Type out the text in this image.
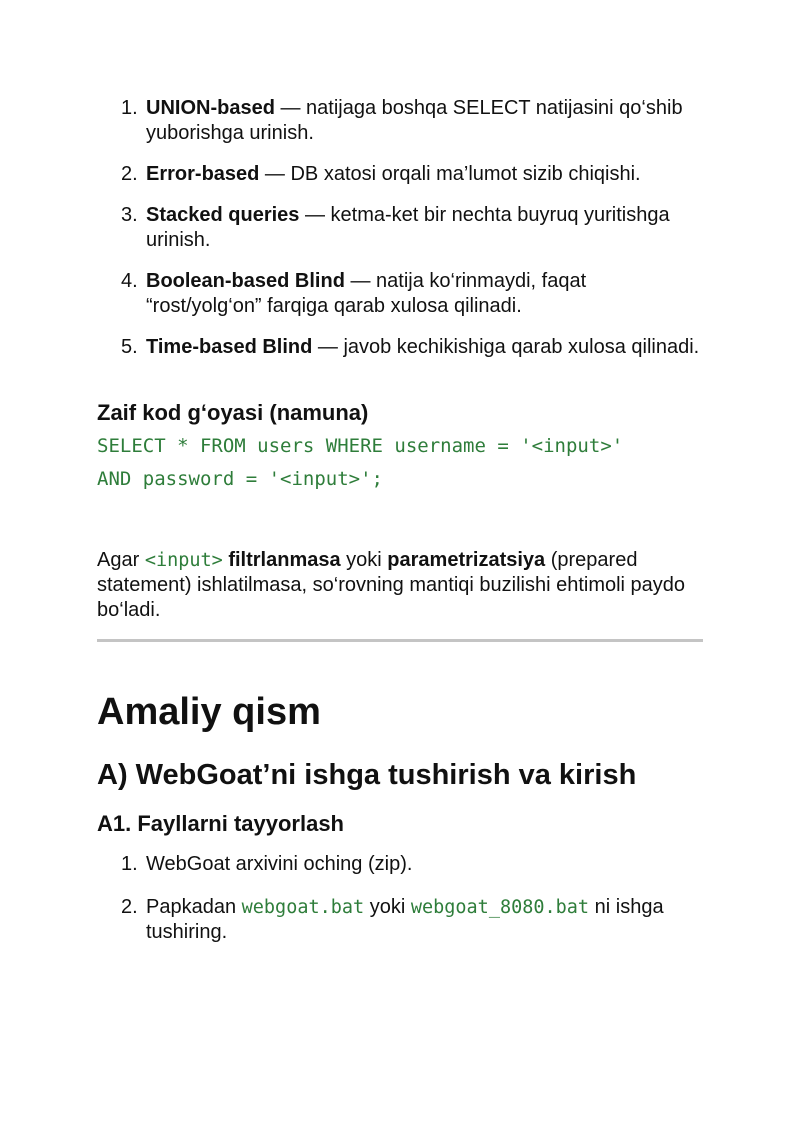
1. UNION-based — natijaga boshqa SELECT natijasini qo‘shib yuborishga urinish.
2. Error-based — DB xatosi orqali ma’lumot sizib chiqishi.
3. Stacked queries — ketma-ket bir nechta buyruq yuritishga urinish.
4. Boolean-based Blind — natija ko‘rinmaydi, faqat “rost/yolg‘on” farqiga qarab xulosa qilinadi.
5. Time-based Blind — javob kechikishiga qarab xulosa qilinadi.

Zaif kod g‘oyasi (namuna)

SELECT * FROM users WHERE username = '<input>'

AND password = '<input>';

Agar <input> filtrlanmasa yoki parametrizatsiya (prepared statement) ishlatilmasa, so‘rovning mantiqi buzilishi ehtimoli paydo bo‘ladi.

Amaliy qism
A) WebGoat’ni ishga tushirish va kirish
A1. Fayllarni tayyorlash
1. WebGoat arxivini oching (zip).
2. Papkadan webgoat.bat yoki webgoat_8080.bat ni ishga tushiring.
